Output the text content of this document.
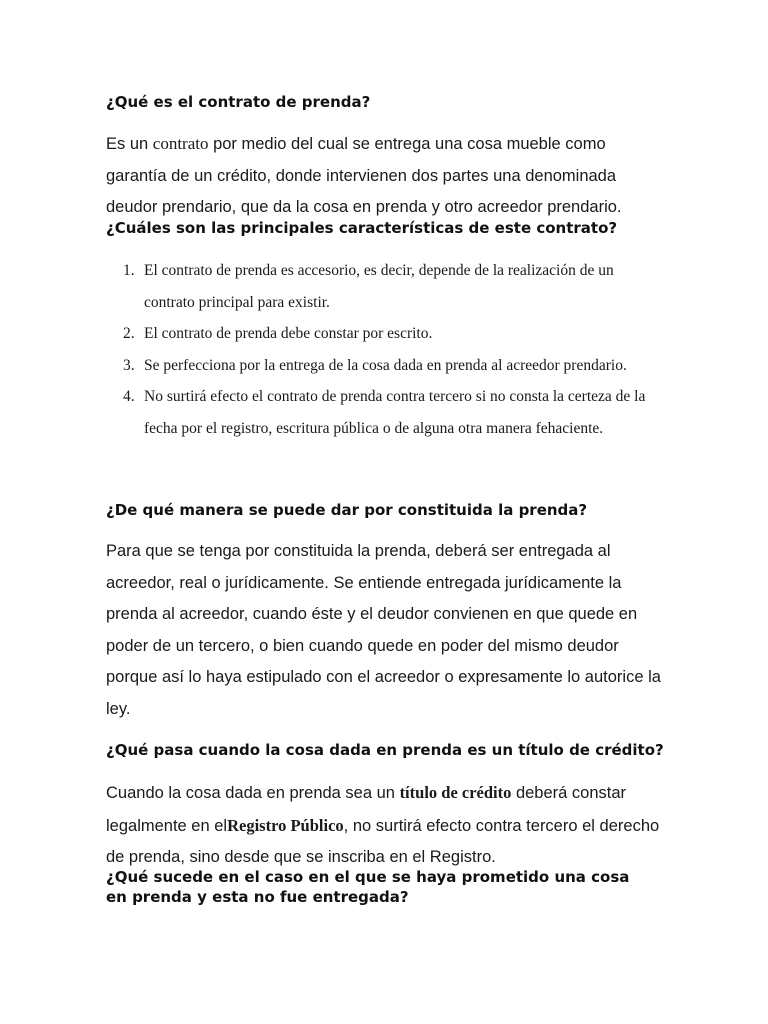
¿Qué es el contrato de prenda?

Es un contrato por medio del cual se entrega una cosa mueble como garantía de un crédito, donde intervienen dos partes una denominada deudor prendario, que da la cosa en prenda y otro acreedor prendario.

¿Cuáles son las principales características de este contrato?
1. El contrato de prenda es accesorio, es decir, depende de la realización de un contrato principal para existir.
2. El contrato de prenda debe constar por escrito.
3. Se perfecciona por la entrega de la cosa dada en prenda al acreedor prendario.
4. No surtirá efecto el contrato de prenda contra tercero si no consta la certeza de la fecha por el registro, escritura pública o de alguna otra manera fehaciente.
¿De qué manera se puede dar por constituida la prenda?

Para que se tenga por constituida la prenda, deberá ser entregada al acreedor, real o jurídicamente. Se entiende entregada jurídicamente la prenda al acreedor, cuando éste y el deudor convienen en que quede en poder de un tercero, o bien cuando quede en poder del mismo deudor porque así lo haya estipulado con el acreedor o expresamente lo autorice la ley.

¿Qué pasa cuando la cosa dada en prenda es un título de crédito?

Cuando la cosa dada en prenda sea un título de crédito deberá constar legalmente en elRegistro Público, no surtirá efecto contra tercero el derecho de prenda, sino desde que se inscriba en el Registro.

¿Qué sucede en el caso en el que se haya prometido una cosa en prenda y esta no fue entregada?
